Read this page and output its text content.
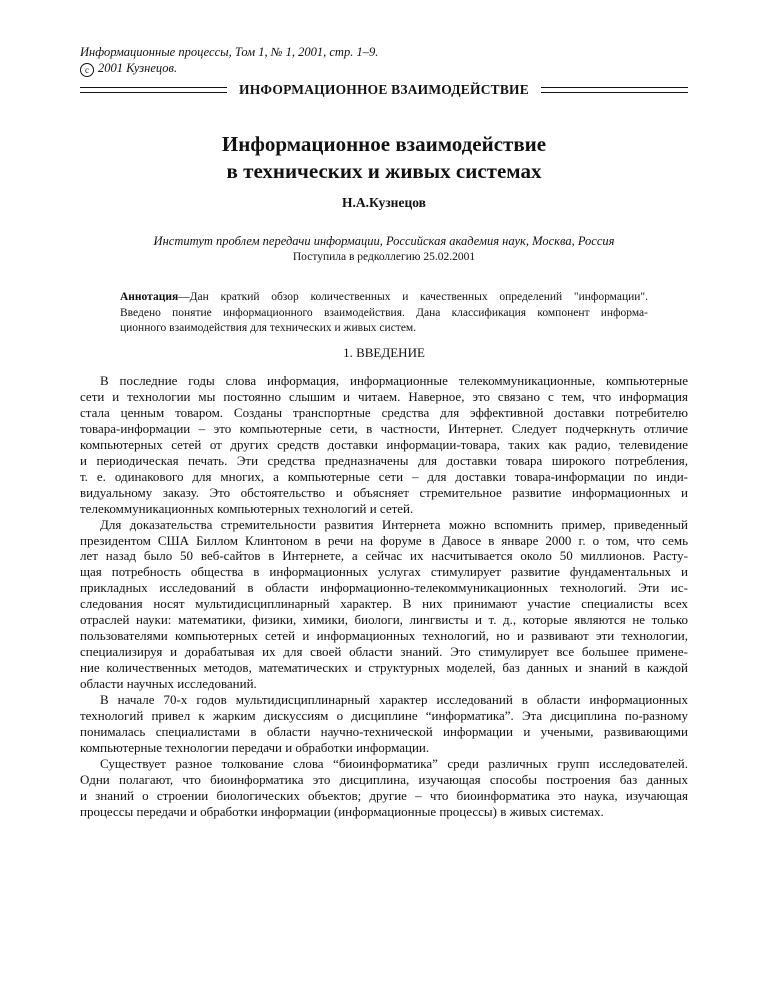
Информационные процессы, Том 1, № 1, 2001, стр. 1–9.
c 2001 Кузнецов.
ИНФОРМАЦИОННОЕ ВЗАИМОДЕЙСТВИЕ
Информационное взаимодействие
в технических и живых системах
Н.А.Кузнецов
Институт проблем передачи информации, Российская академия наук, Москва, Россия
Поступила в редколлегию 25.02.2001
Аннотация—Дан краткий обзор количественных и качественных определений "информации".
Введено понятие информационного взаимодействия. Дана классификация компонент информа-
ционного взаимодействия для технических и живых систем.
1. ВВЕДЕНИЕ
В последние годы слова информация, информационные телекоммуникационные, компьютерные
сети и технологии мы постоянно слышим и читаем. Наверное, это связано с тем, что информация
стала ценным товаром. Созданы транспортные средства для эффективной доставки потребителю
товара-информации – это компьютерные сети, в частности, Интернет. Следует подчеркнуть отличие
компьютерных сетей от других средств доставки информации-товара, таких как радио, телевидение
и периодическая печать. Эти средства предназначены для доставки товара широкого потребления,
т. е. одинакового для многих, а компьютерные сети – для доставки товара-информации по инди-
видуальному заказу. Это обстоятельство и объясняет стремительное развитие информационных и
телекоммуникационных компьютерных технологий и сетей.
Для доказательства стремительности развития Интернета можно вспомнить пример, приведенный
президентом США Биллом Клинтоном в речи на форуме в Давосе в январе 2000 г. о том, что семь
лет назад было 50 веб-сайтов в Интернете, а сейчас их насчитывается около 50 миллионов. Расту-
щая потребность общества в информационных услугах стимулирует развитие фундаментальных и
прикладных исследований в области информационно-телекоммуникационных технологий. Эти ис-
следования носят мультидисциплинарный характер. В них принимают участие специалисты всех
отраслей науки: математики, физики, химики, биологи, лингвисты и т. д., которые являются не только
пользователями компьютерных сетей и информационных технологий, но и развивают эти технологии,
специализируя и дорабатывая их для своей области знаний. Это стимулирует все большее примене-
ние количественных методов, математических и структурных моделей, баз данных и знаний в каждой
области научных исследований.
В начале 70-х годов мультидисциплинарный характер исследований в области информационных
технологий привел к жарким дискуссиям о дисциплине “информатика”. Эта дисциплина по-разному
понималась специалистами в области научно-технической информации и учеными, развивающими
компьютерные технологии передачи и обработки информации.
Существует разное толкование слова “биоинформатика” среди различных групп исследователей.
Одни полагают, что биоинформатика это дисциплина, изучающая способы построения баз данных
и знаний о строении биологических объектов; другие – что биоинформатика это наука, изучающая
процессы передачи и обработки информации (информационные процессы) в живых системах.
